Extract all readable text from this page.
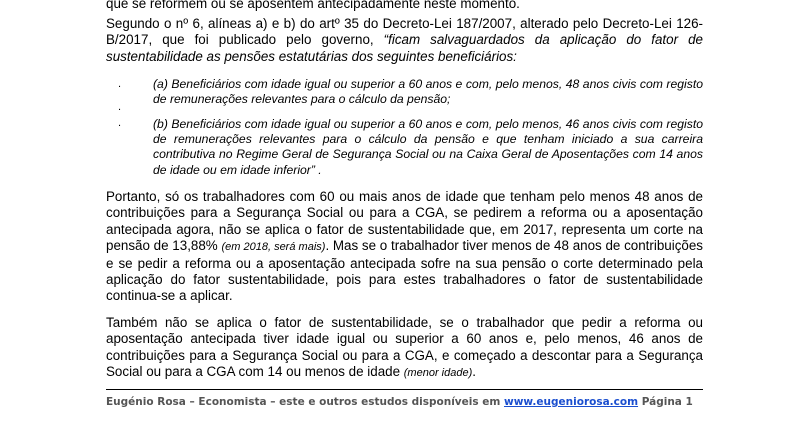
que se reformem ou se aposentem antecipadamente neste momento.
Segundo o nº 6, alíneas a) e b) do artº 35 do Decreto-Lei 187/2007, alterado pelo Decreto-Lei 126-B/2017, que foi publicado pelo governo, “ficam salvaguardados da aplicação do fator de sustentabilidade as pensões estatutárias dos seguintes beneficiários:
.	(a) Beneficiários com idade igual ou superior a 60 anos e com, pelo menos, 48 anos civis com registo de remunerações relevantes para o cálculo da pensão;
.
.	(b) Beneficiários com idade igual ou superior a 60 anos e com, pelo menos, 46 anos civis com registo de remunerações relevantes para o cálculo da pensão e que tenham iniciado a sua carreira contributiva no Regime Geral de Segurança Social ou na Caixa Geral de Aposentações com 14 anos de idade ou em idade inferior” .
Portanto, só os trabalhadores com 60 ou mais anos de idade que tenham pelo menos 48 anos de contribuições para a Segurança Social ou para a CGA, se pedirem a reforma ou a aposentação antecipada agora, não se aplica o fator de sustentabilidade que, em 2017, representa um corte na pensão de 13,88% (em 2018, será mais). Mas se o trabalhador tiver menos de 48 anos de contribuições e se pedir a reforma ou a aposentação antecipada sofre na sua pensão o corte determinado pela aplicação do fator sustentabilidade, pois para estes trabalhadores o fator de sustentabilidade continua-se a aplicar.
Também não se aplica o fator de sustentabilidade, se o trabalhador que pedir a reforma ou aposentação antecipada tiver idade igual ou superior a 60 anos e, pelo menos, 46 anos de contribuições para a Segurança Social ou para a CGA, e começado a descontar para a Segurança Social ou para a CGA com 14 ou menos de idade (menor idade).
Eugénio Rosa – Economista – este e outros estudos disponíveis em www.eugeniorosa.com Página 1
